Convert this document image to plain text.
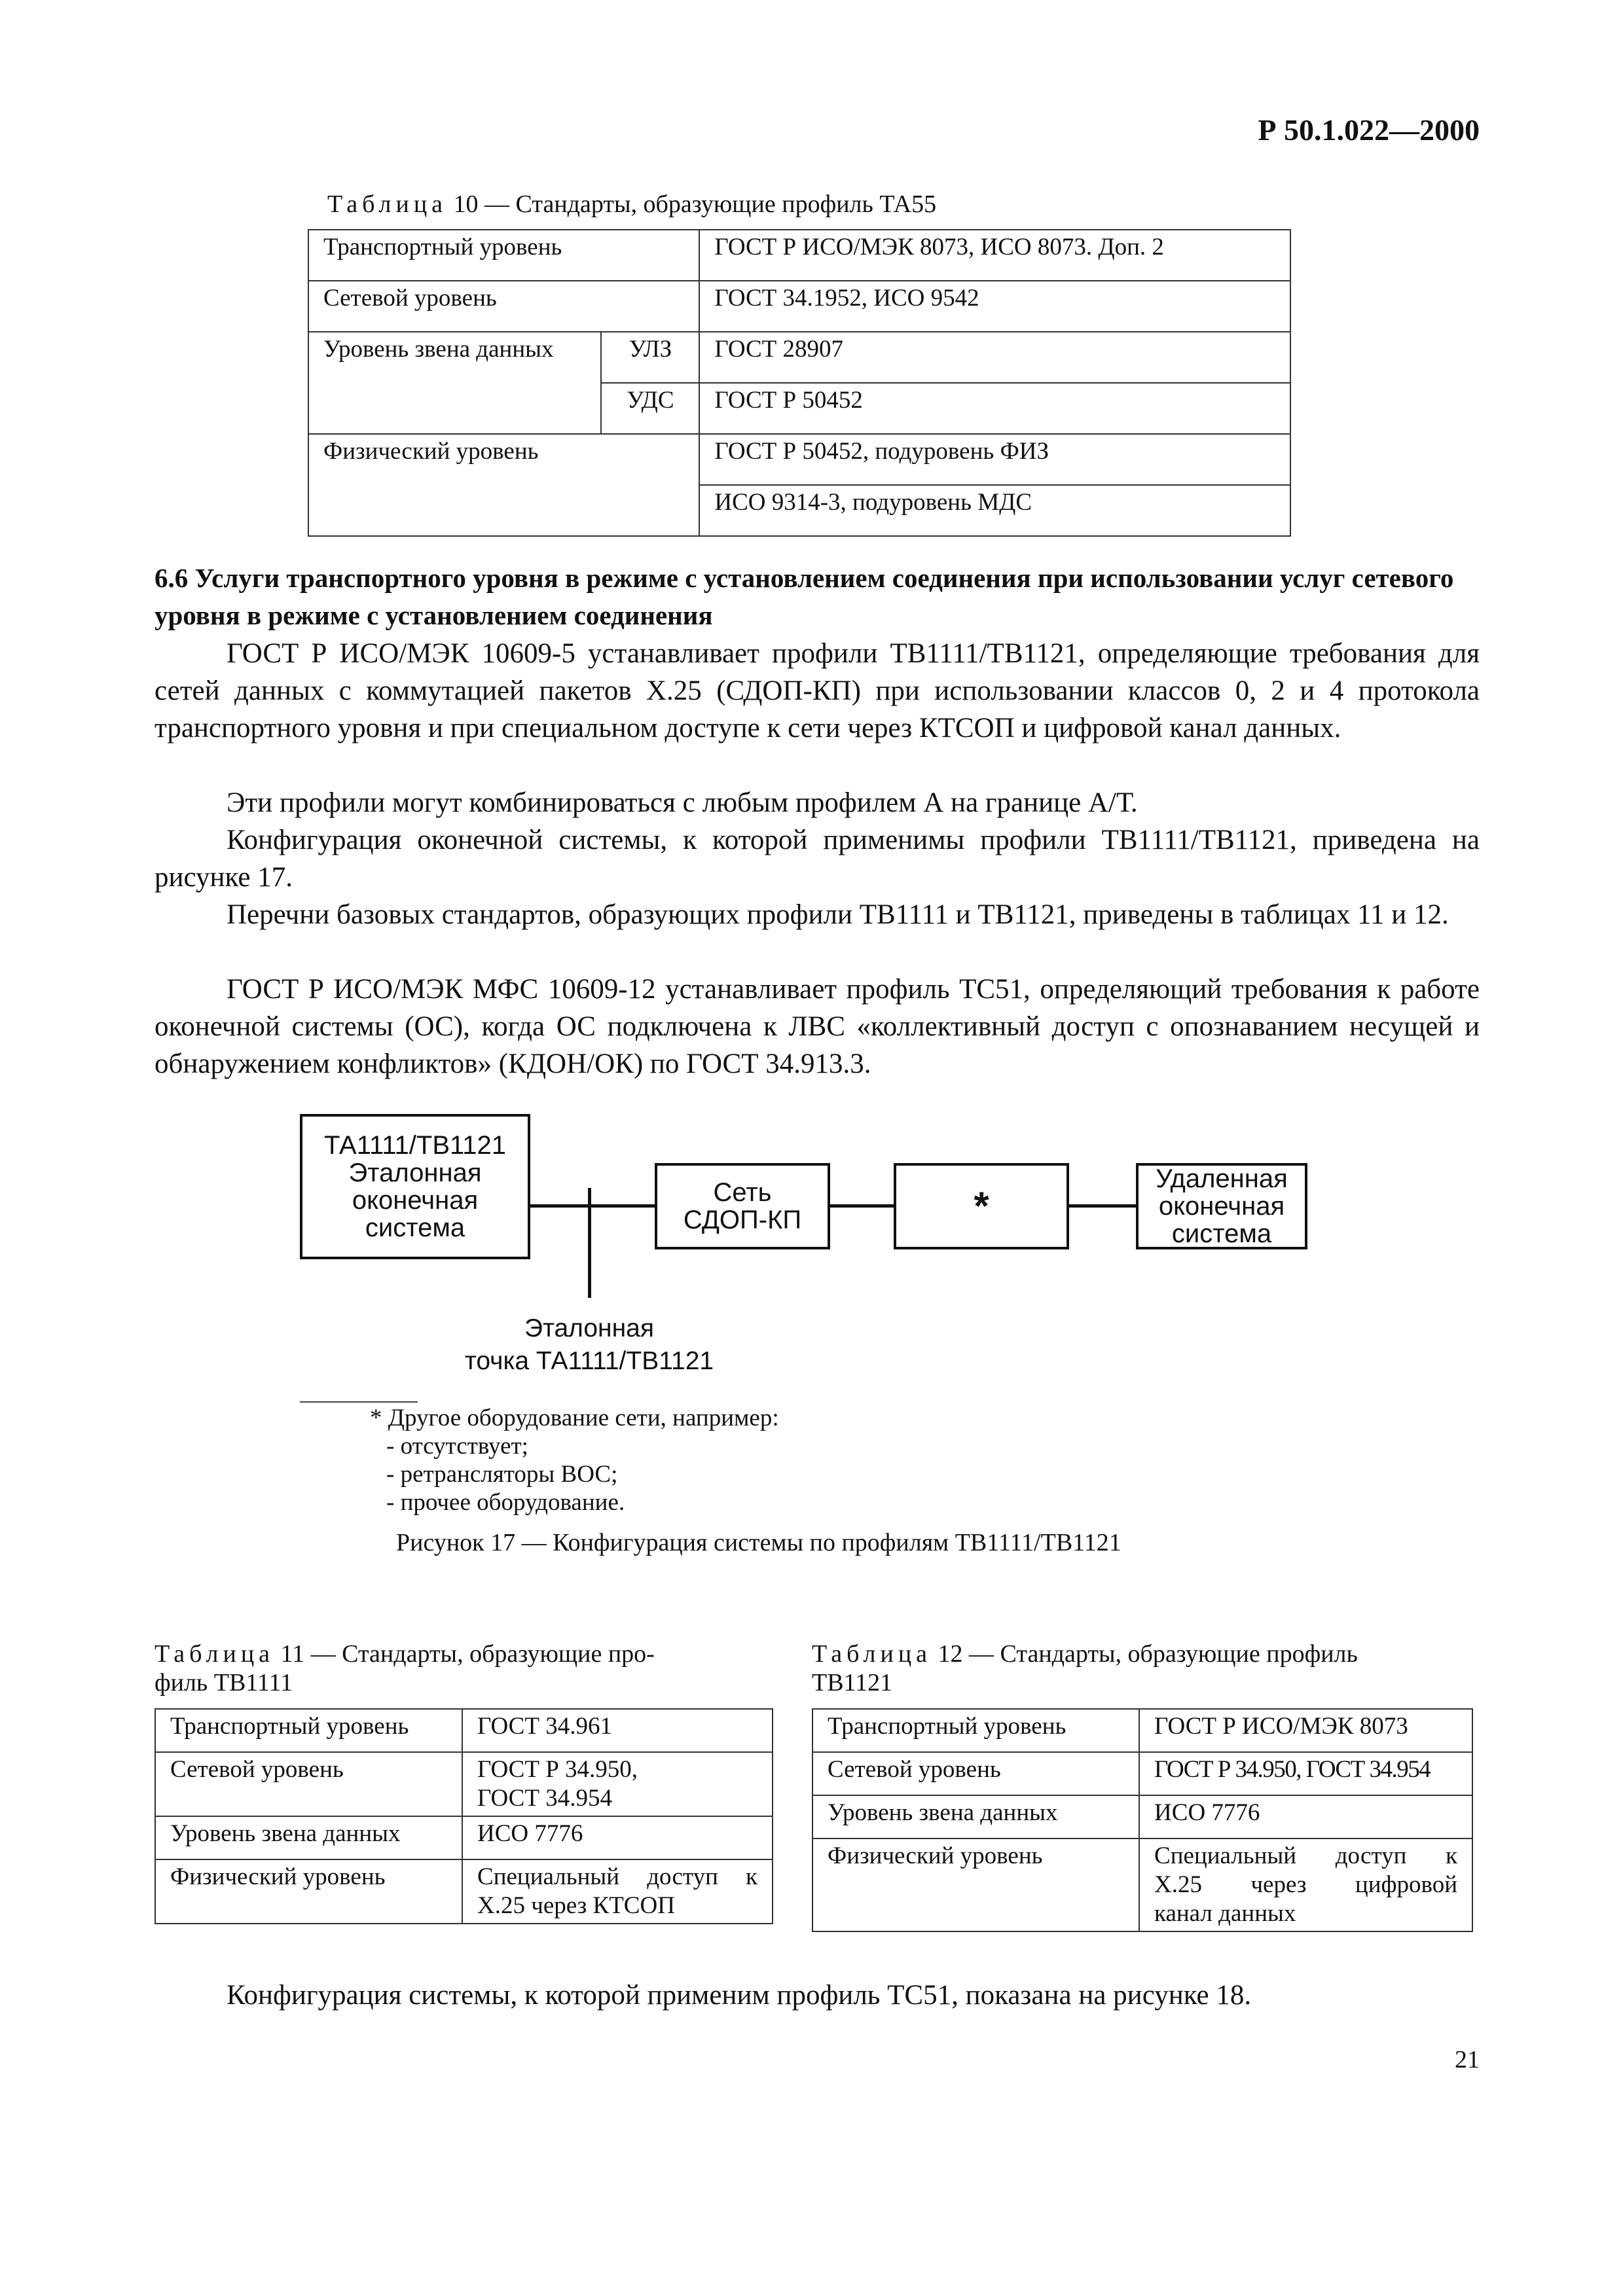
Р 50.1.022—2000
Таблица 10 — Стандарты, образующие профиль ТА55
Транспортный уровень		ГОСТ Р ИСО/МЭК 8073, ИСО 8073. Доп. 2
Сетевой уровень		ГОСТ 34.1952, ИСО 9542
Уровень звена данных	УЛЗ	ГОСТ 28907
	УДС	ГОСТ Р 50452
Физический уровень		ГОСТ Р 50452, подуровень ФИЗ
		ИСО 9314-3, подуровень МДС
6.6 Услуги транспортного уровня в режиме с установлением соединения при использовании услуг сетевого уровня в режиме с установлением соединения
ГОСТ Р ИСО/МЭК 10609-5 устанавливает профили ТВ1111/ТВ1121, определяющие требования для сетей данных с коммутацией пакетов Х.25 (СДОП-КП) при использовании классов 0, 2 и 4 протокола транспортного уровня и при специальном доступе к сети через КТСОП и цифровой канал данных.
Эти профили могут комбинироваться с любым профилем А на границе А/Т.
Конфигурация оконечной системы, к которой применимы профили ТВ1111/ТВ1121, приведена на рисунке 17.
Перечни базовых стандартов, образующих профили ТВ1111 и ТВ1121, приведены в таблицах 11 и 12.
ГОСТ Р ИСО/МЭК МФС 10609-12 устанавливает профиль ТС51, определяющий требования к работе оконечной системы (ОС), когда ОС подключена к ЛВС «коллективный доступ с опознаванием несущей и обнаружением конфликтов» (КДОН/ОК) по ГОСТ 34.913.3.
ТА1111/ТВ1121
Эталонная
оконечная
система
Сеть
СДОП-КП	*
Удаленная
оконечная
система
Эталонная
точка ТА1111/ТВ1121
* Другое оборудование сети, например:
- отсутствует;
- ретрансляторы ВОС;
- прочее оборудование.
Рисунок 17 — Конфигурация системы по профилям ТВ1111/ТВ1121
Таблица 11 — Стандарты, образующие про-
филь ТВ1111
Транспортный уровень	ГОСТ 34.961
Сетевой уровень	ГОСТ Р 34.950,
ГОСТ 34.954

Уровень звена данных	ИСО 7776
Физический уровень	Специальный доступ к
Х.25 через КТСОП
Таблица 12 — Стандарты, образующие профиль
ТВ1121
Транспортный уровень	ГОСТ Р ИСО/МЭК 8073
Сетевой уровень	ГОСТ Р 34.950, ГОСТ 34.954
Уровень звена данных	ИСО 7776
Физический уровень	Специальный доступ к
Х.25 через цифровой
канал данных
Конфигурация системы, к которой применим профиль ТС51, показана на рисунке 18.
21
